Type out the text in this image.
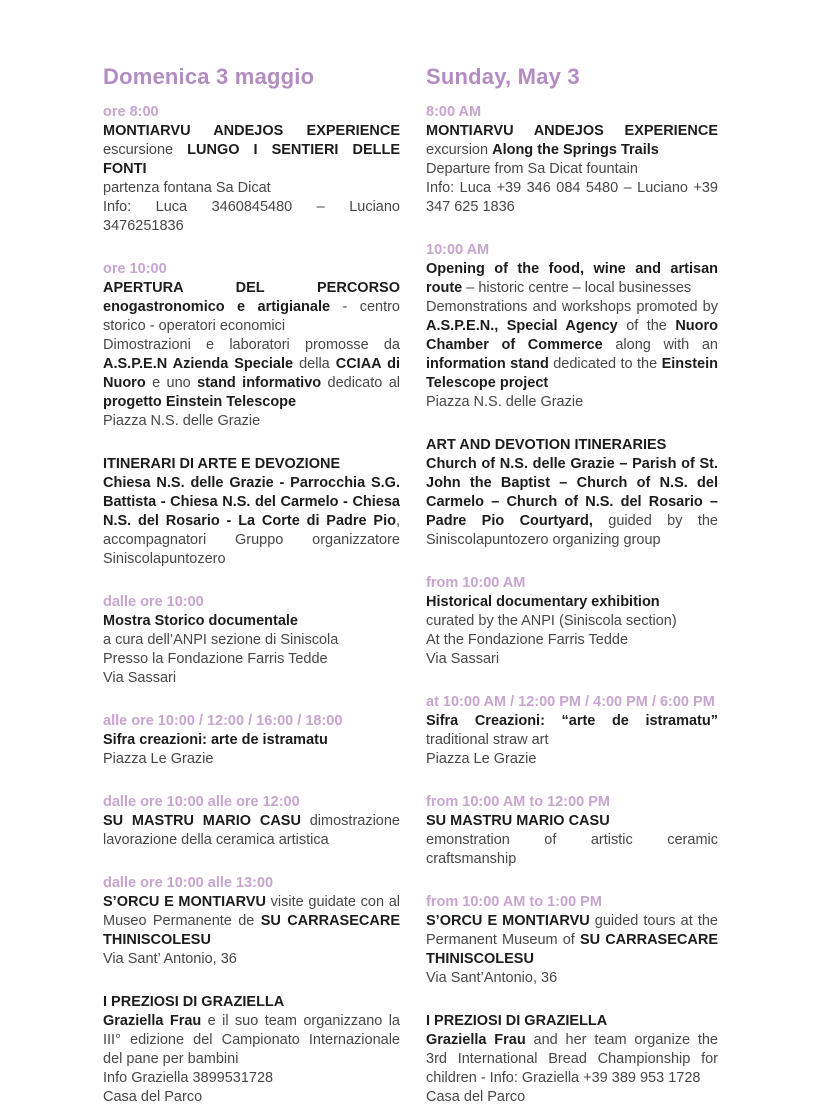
Domenica 3 maggio
ore 8:00

MONTIARVU ANDEJOS EXPERIENCE escursione LUNGO I SENTIERI DELLE FONTI

partenza fontana Sa Dicat

Info: Luca 3460845480 – Luciano 3476251836

ore 10:00

APERTURA DEL PERCORSO enogastronomico e artigianale - centro storico - operatori economici

Dimostrazioni e laboratori promosse da A.S.P.E.N Azienda Speciale della CCIAA di Nuoro e uno stand informativo dedicato al progetto Einstein Telescope

Piazza N.S. delle Grazie

ITINERARI DI ARTE E DEVOZIONE

Chiesa N.S. delle Grazie - Parrocchia S.G. Battista - Chiesa N.S. del Carmelo - Chiesa N.S. del Rosario - La Corte di Padre Pio, accompagnatori Gruppo organizzatore Siniscolapuntozero

dalle ore 10:00

Mostra Storico documentale

a cura dell’ANPI sezione di Siniscola

Presso la Fondazione Farris Tedde

Via Sassari

alle ore 10:00 / 12:00 / 16:00 / 18:00

Sifra creazioni: arte de istramatu

Piazza Le Grazie

dalle ore 10:00 alle ore 12:00

SU MASTRU MARIO CASU dimostrazione lavorazione della ceramica artistica

dalle ore 10:00 alle 13:00

S’ORCU E MONTIARVU visite guidate con al Museo Permanente de SU CARRASECARE THINISCOLESU

Via Sant’ Antonio, 36

I PREZIOSI DI GRAZIELLA

Graziella Frau e il suo team organizzano la III° edizione del Campionato Internazionale del pane per bambini

Info Graziella 3899531728

Casa del Parco

Sunday, May 3
8:00 AM

MONTIARVU ANDEJOS EXPERIENCE excursion Along the Springs Trails

Departure from Sa Dicat fountain

Info: Luca +39 346 084 5480 – Luciano +39 347 625 1836

10:00 AM

Opening of the food, wine and artisan route – historic centre – local businesses

Demonstrations and workshops promoted by A.S.P.E.N., Special Agency of the Nuoro Chamber of Commerce along with an information stand dedicated to the Einstein Telescope project

Piazza N.S. delle Grazie

ART AND DEVOTION ITINERARIES

Church of N.S. delle Grazie – Parish of St. John the Baptist – Church of N.S. del Carmelo – Church of N.S. del Rosario – Padre Pio Courtyard, guided by the Siniscolapuntozero organizing group

from 10:00 AM

Historical documentary exhibition

curated by the ANPI (Siniscola section)

At the Fondazione Farris Tedde

Via Sassari

at 10:00 AM / 12:00 PM / 4:00 PM / 6:00 PM

Sifra Creazioni: “arte de istramatu” traditional straw art

Piazza Le Grazie

from 10:00 AM to 12:00 PM

SU MASTRU MARIO CASU

emonstration of artistic ceramic craftsmanship

from 10:00 AM to 1:00 PM

S’ORCU E MONTIARVU guided tours at the Permanent Museum of SU CARRASECARE THINISCOLESU

Via Sant’Antonio, 36

I PREZIOSI DI GRAZIELLA

Graziella Frau and her team organize the 3rd International Bread Championship for children - Info: Graziella +39 389 953 1728

Casa del Parco
